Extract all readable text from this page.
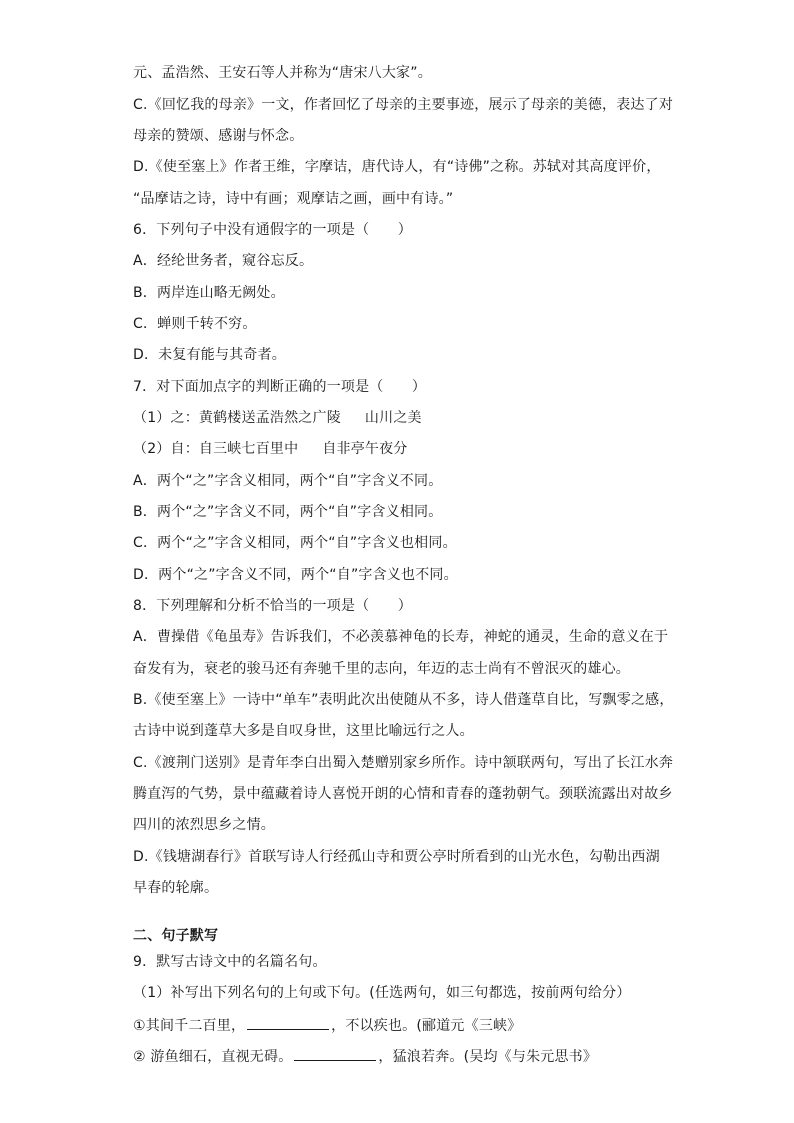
元、孟浩然、王安石等人并称为“唐宋八大家”。
C.《回忆我的母亲》一文，作者回忆了母亲的主要事迹，展示了母亲的美德，表达了对
母亲的赞颂、感谢与怀念。
D.《使至塞上》作者王维，字摩诘，唐代诗人，有“诗佛”之称。苏轼对其高度评价，
“品摩诘之诗，诗中有画；观摩诘之画，画中有诗。”
6．下列句子中没有通假字的一项是（　　）
A．经纶世务者，窥谷忘反。
B．两岸连山略无阙处。
C．蝉则千转不穷。
D．未复有能与其奇者。
7．对下面加点字的判断正确的一项是（　　）
（1）之：黄鹤楼送孟浩然之广陵 山川之美
（2）自：自三峡七百里中 自非亭午夜分
A．两个“之”字含义相同，两个“自”字含义不同。
B．两个“之”字含义不同，两个“自”字含义相同。
C．两个“之”字含义相同，两个“自”字含义也相同。
D．两个“之”字含义不同，两个“自”字含义也不同。
8．下列理解和分析不恰当的一项是（　　）
A．曹操借《龟虽寿》告诉我们，不必羡慕神龟的长寿，神蛇的通灵，生命的意义在于
奋发有为，衰老的骏马还有奔驰千里的志向，年迈的志士尚有不曾泯灭的雄心。
B.《使至塞上》一诗中“单车”表明此次出使随从不多，诗人借蓬草自比，写飘零之感，
古诗中说到蓬草大多是自叹身世，这里比喻远行之人。
C.《渡荆门送别》是青年李白出蜀入楚赠别家乡所作。诗中颔联两句，写出了长江水奔
腾直泻的气势，景中蕴藏着诗人喜悦开朗的心情和青春的蓬勃朝气。颈联流露出对故乡
四川的浓烈思乡之情。
D.《钱塘湖春行》首联写诗人行经孤山寺和贾公亭时所看到的山光水色，勾勒出西湖
早春的轮廓。
二、句子默写
9．默写古诗文中的名篇名句。
（1）补写出下列名句的上句或下句。(任选两句，如三句都选，按前两句给分）
①其间千二百里，	，不以疾也。(郦道元《三峡》
② 游鱼细石，直视无碍。	，猛浪若奔。(吴均《与朱元思书》
